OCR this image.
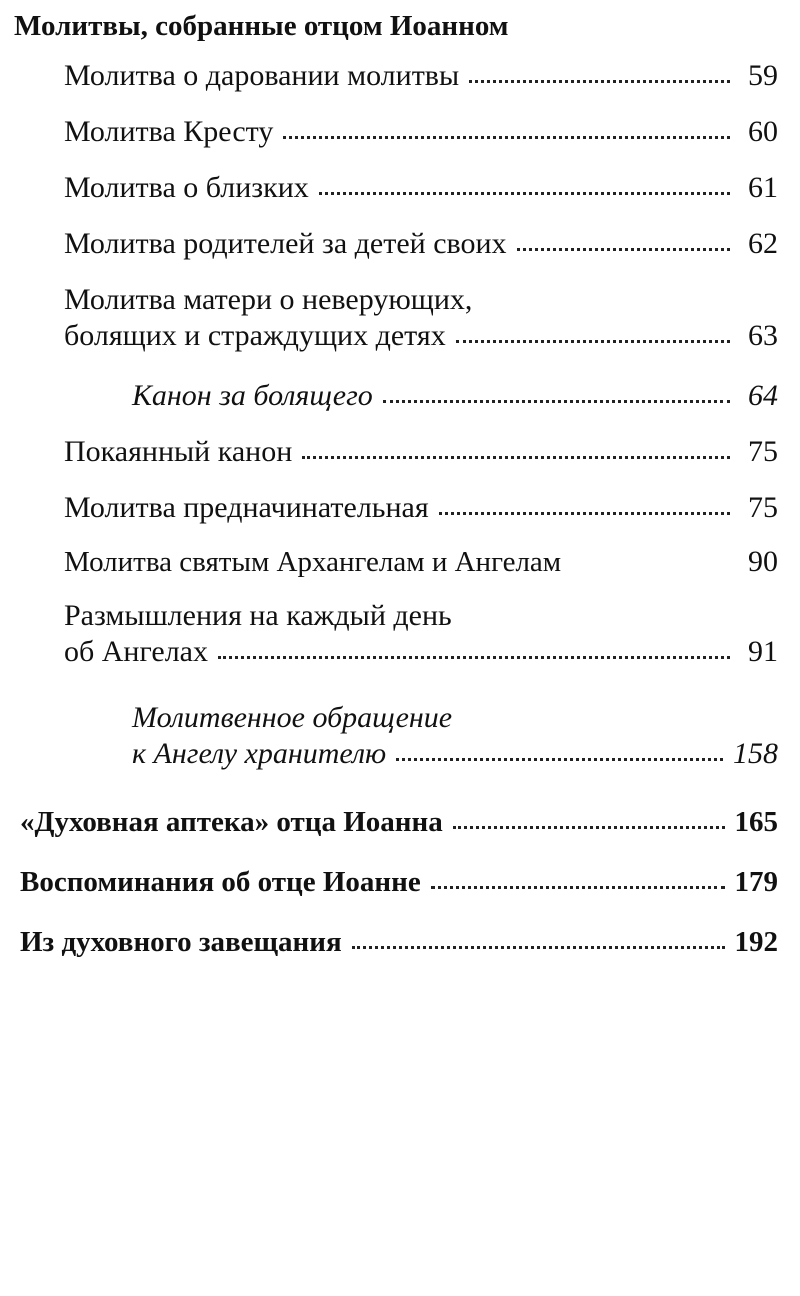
Молитвы, собранные отцом Иоанном
Молитва о даровании молитвы	59
Молитва Кресту	60
Молитва о близких	61
Молитва родителей за детей своих	62
Молитва матери о неверующих,
болящих и страждущих детях	63
Канон за болящего	64
Покаянный канон	75
Молитва предначинательная	75
Молитва святым Архангелам и Ангелам	90
Размышления на каждый день
об Ангелах	91
Молитвенное обращение
к Ангелу хранителю	158
«Духовная аптека» отца Иоанна	165
Воспоминания об отце Иоанне	179
Из духовного завещания	192
